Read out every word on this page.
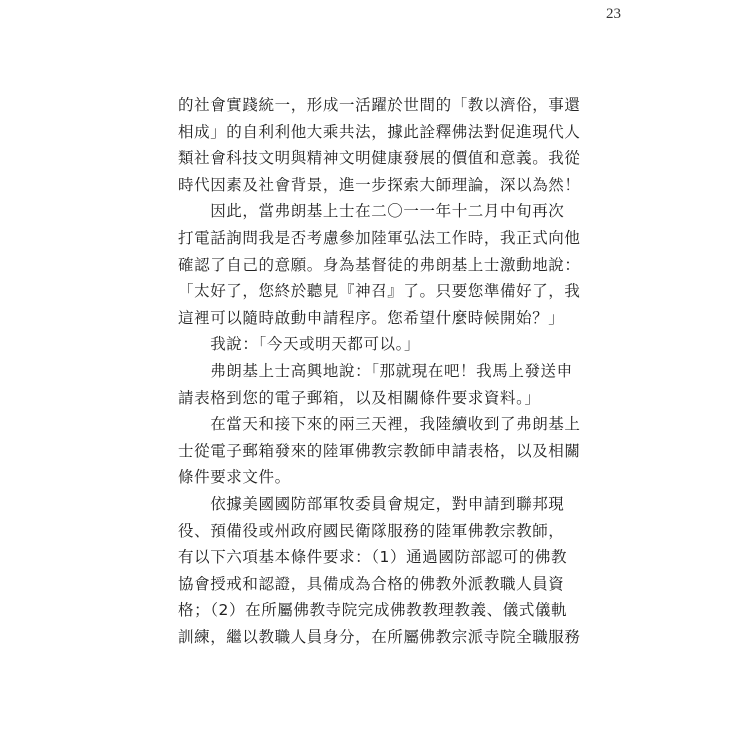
23
的社會實踐統一，形成一活躍於世間的「教以濟俗，事還
相成」的自利利他大乘共法，據此詮釋佛法對促進現代人
類社會科技文明與精神文明健康發展的價值和意義。我從
時代因素及社會背景，進一步探索大師理論，深以為然！
　　因此，當弗朗基上士在二〇一一年十二月中旬再次
打電話詢問我是否考慮參加陸軍弘法工作時，我正式向他
確認了自己的意願。身為基督徒的弗朗基上士激動地說：
「太好了，您終於聽見『神召』了。只要您準備好了，我
這裡可以隨時啟動申請程序。您希望什麼時候開始？」
　　我說：「今天或明天都可以。」
　　弗朗基上士高興地說：「那就現在吧！我馬上發送申
請表格到您的電子郵箱，以及相關條件要求資料。」
　　在當天和接下來的兩三天裡，我陸續收到了弗朗基上
士從電子郵箱發來的陸軍佛教宗教師申請表格，以及相關
條件要求文件。
　　依據美國國防部軍牧委員會規定，對申請到聯邦現
役、預備役或州政府國民衛隊服務的陸軍佛教宗教師，
有以下六項基本條件要求：（1）通過國防部認可的佛教
協會授戒和認證，具備成為合格的佛教外派教職人員資
格；（2）在所屬佛教寺院完成佛教教理教義、儀式儀軌
訓練，繼以教職人員身分，在所屬佛教宗派寺院全職服務
